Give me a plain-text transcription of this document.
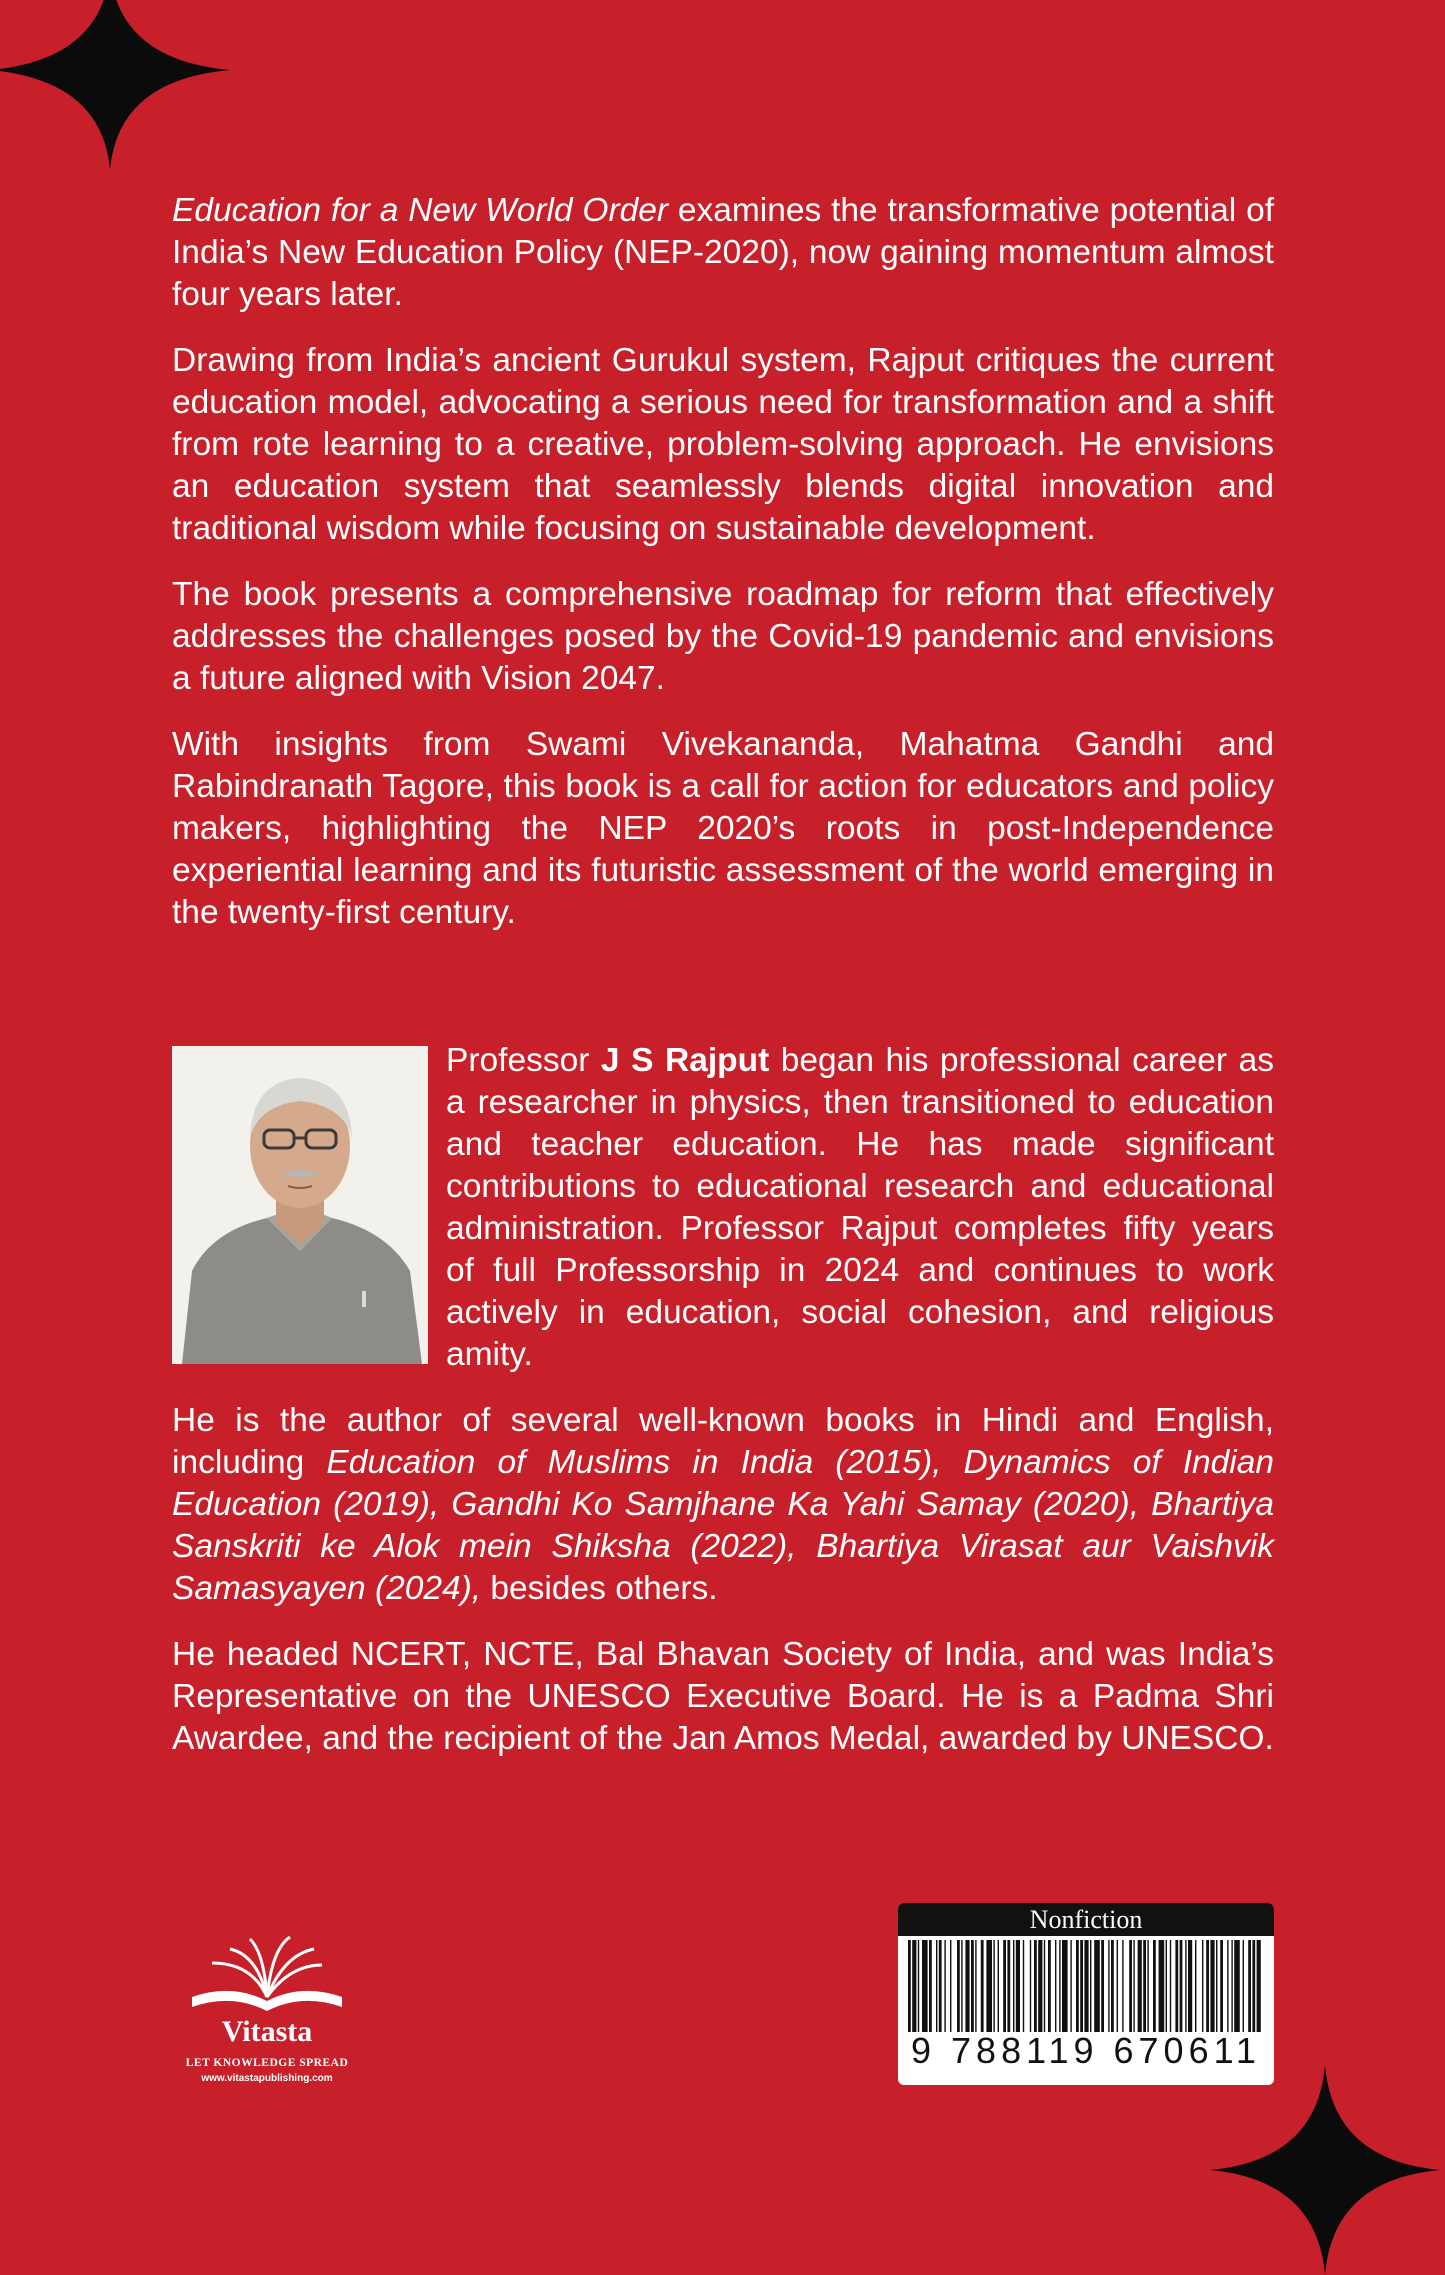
Education for a New World Order examines the transformative potential of India’s New Education Policy (NEP-2020), now gaining momentum almost four years later.

Drawing from India’s ancient Gurukul system, Rajput critiques the current education model, advocating a serious need for transformation and a shift from rote learning to a creative, problem-solving approach. He envisions an education system that seamlessly blends digital innovation and traditional wisdom while focusing on sustainable development.

The book presents a comprehensive roadmap for reform that effectively addresses the challenges posed by the Covid-19 pandemic and envisions a future aligned with Vision 2047.

With insights from Swami Vivekananda, Mahatma Gandhi and Rabindranath Tagore, this book is a call for action for educators and policy makers, highlighting the NEP 2020’s roots in post-Independence experiential learning and its futuristic assessment of the world emerging in the twenty-first century.

Professor J S Rajput began his professional career as a researcher in physics, then transitioned to education and teacher education. He has made significant contributions to educational research and educational administration. Professor Rajput completes fifty years of full Professorship in 2024 and continues to work actively in education, social cohesion, and religious amity.

He is the author of several well-known books in Hindi and English, including Education of Muslims in India (2015), Dynamics of Indian Education (2019), Gandhi Ko Samjhane Ka Yahi Samay (2020), Bhartiya Sanskriti ke Alok mein Shiksha (2022), Bhartiya Virasat aur Vaishvik Samasyayen (2024), besides others.

He headed NCERT, NCTE, Bal Bhavan Society of India, and was India’s Representative on the UNESCO Executive Board. He is a Padma Shri Awardee, and the recipient of the Jan Amos Medal, awarded by UNESCO.

Vitasta
LET KNOWLEDGE SPREAD
www.vitastapublishing.com
Nonfiction
9 788119 670611
